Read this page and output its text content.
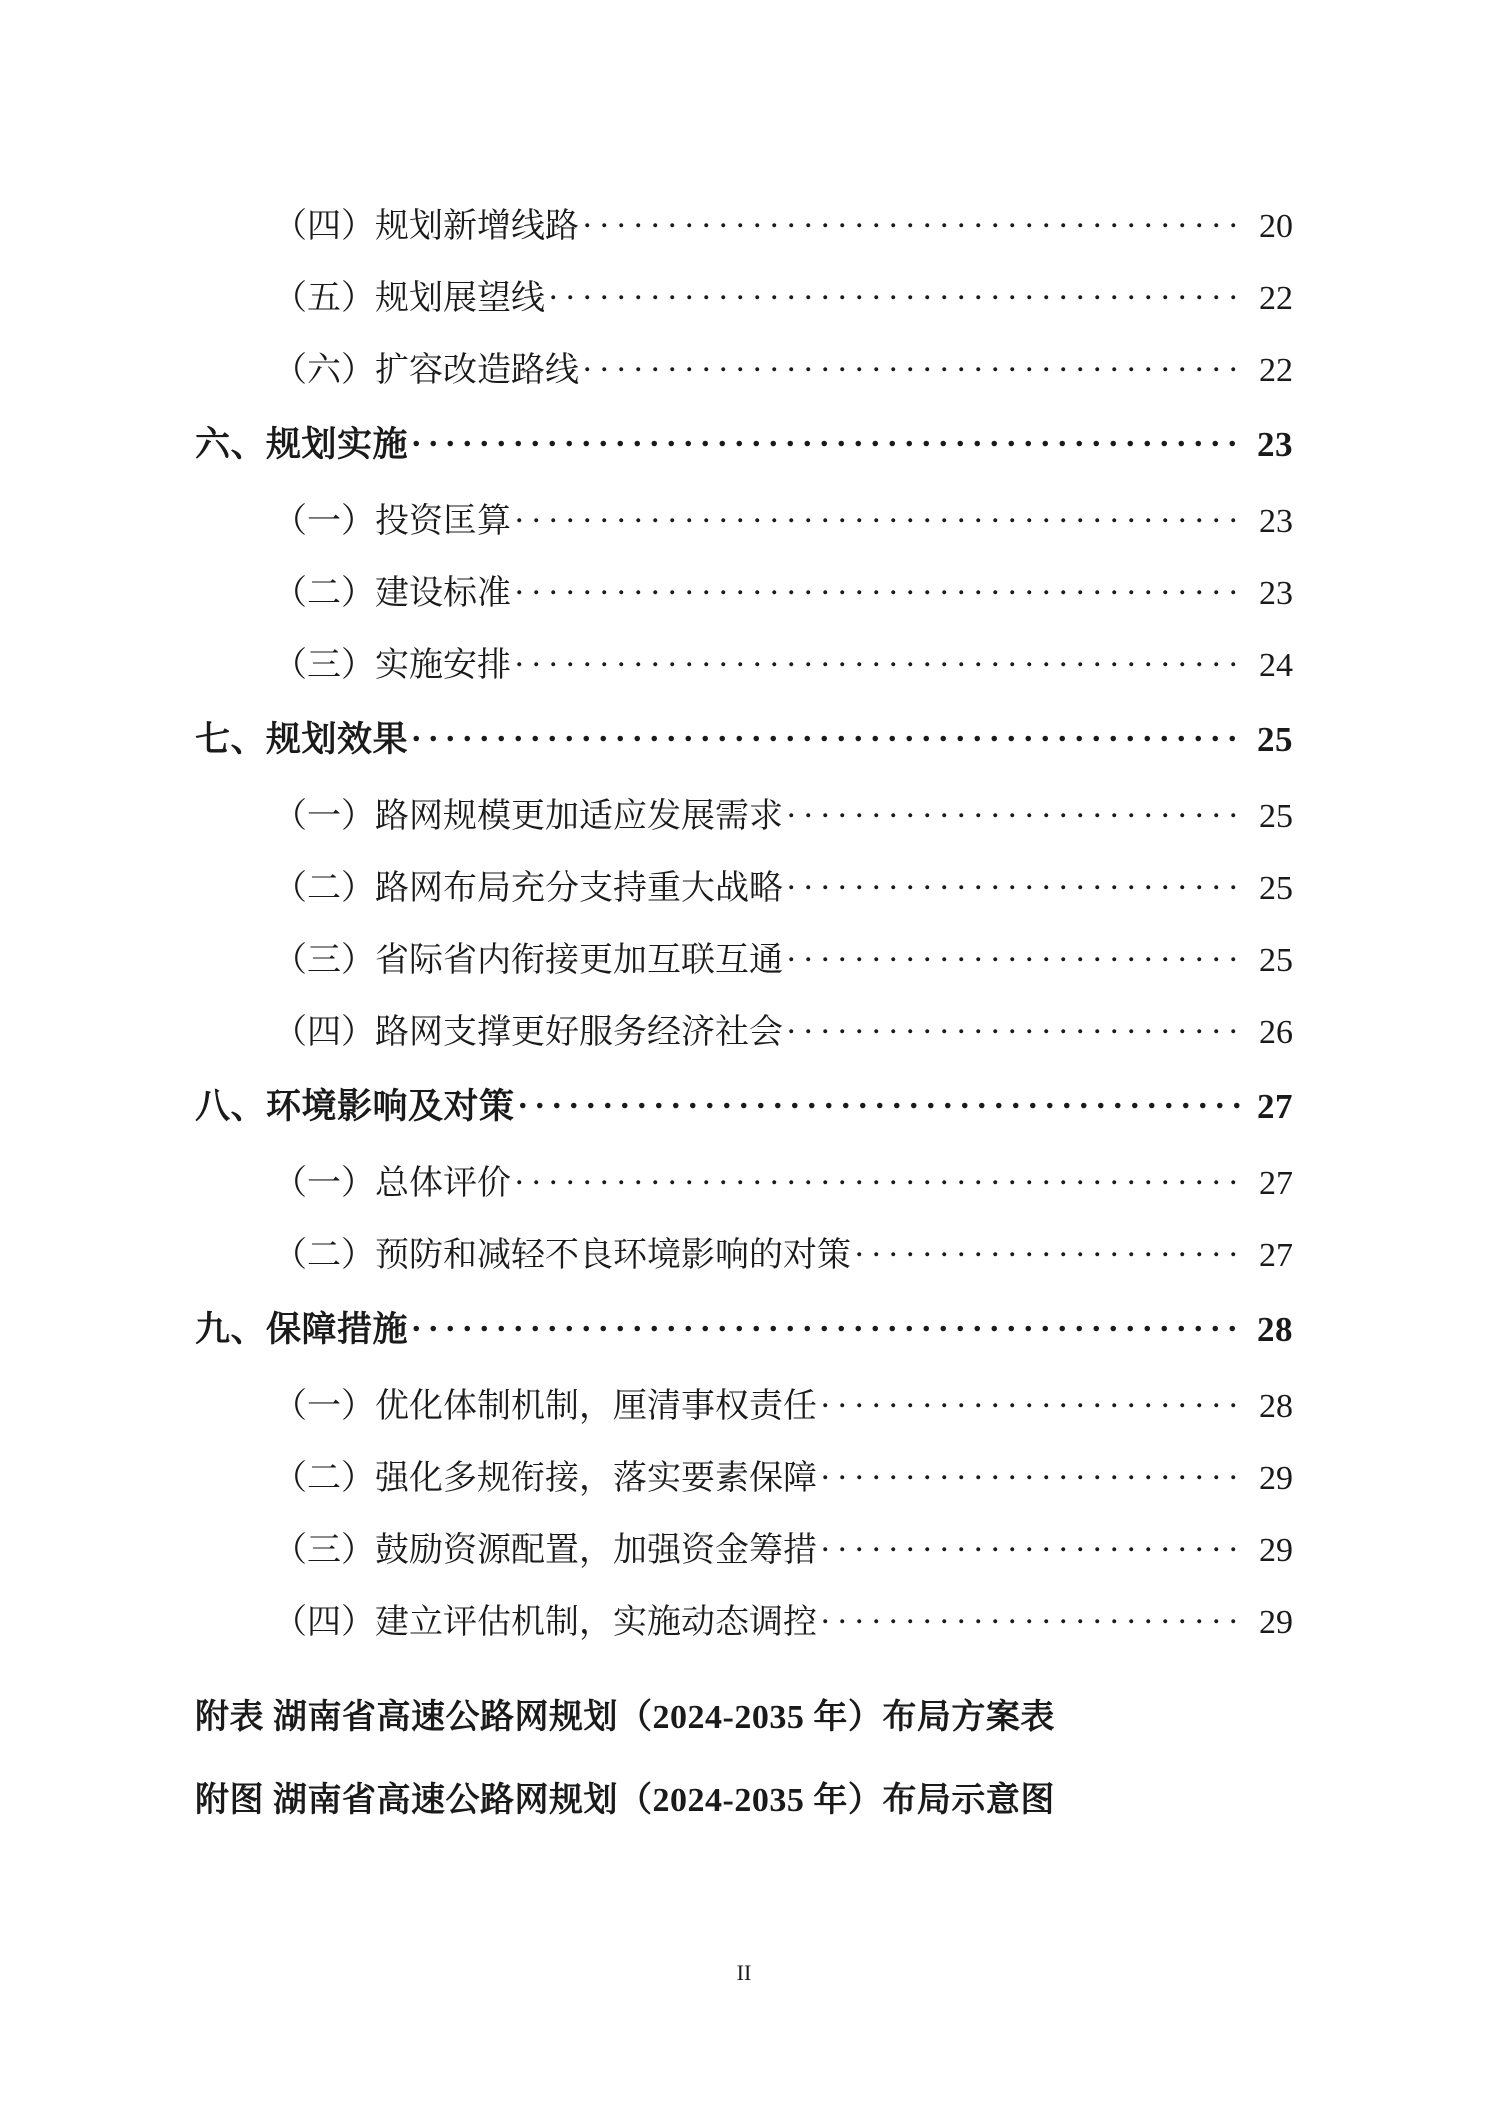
（四）规划新增线路 . . .	20
（五）规划展望线 . . .	22
（六）扩容改造路线 . . .	22
六、规划实施 . . .	23
（一）投资匡算 . . .	23
（二）建设标准 . . .	23
（三）实施安排 . . .	24
七、规划效果 . . .	25
（一）路网规模更加适应发展需求 . . .	25
（二）路网布局充分支持重大战略 . . .	25
（三）省际省内衔接更加互联互通 . . .	25
（四）路网支撑更好服务经济社会 . . .	26
八、环境影响及对策 . . .	27
（一）总体评价 . . .	27
（二）预防和减轻不良环境影响的对策 . . .	27
九、保障措施 . . .	28
（一）优化体制机制，厘清事权责任 . . .	28
（二）强化多规衔接，落实要素保障 . . .	29
（三）鼓励资源配置，加强资金筹措 . . .	29
（四）建立评估机制，实施动态调控 . . .	29
附表 湖南省高速公路网规划（2024-2035 年）布局方案表
附图 湖南省高速公路网规划（2024-2035 年）布局示意图
II
